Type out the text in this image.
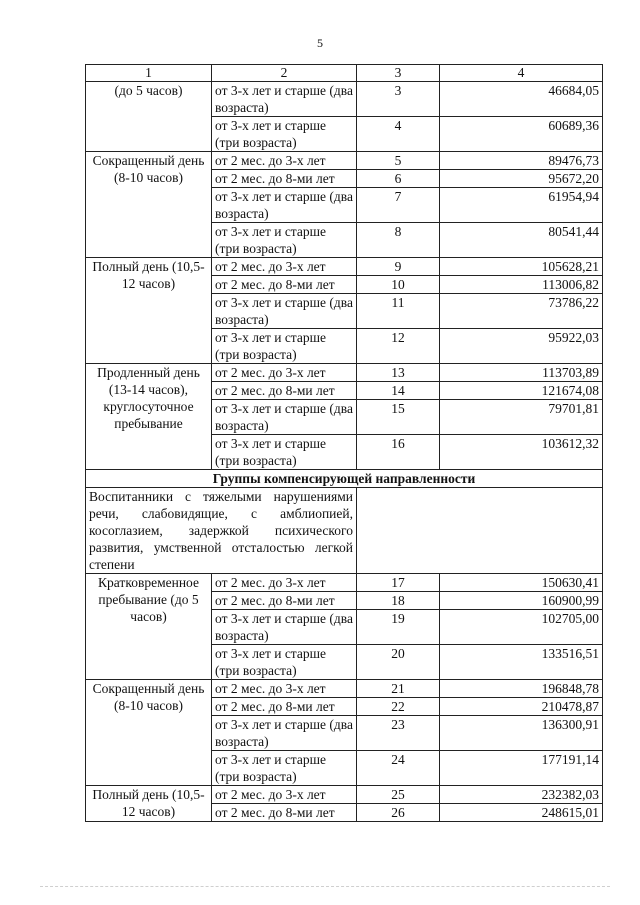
5
1	2	3	4
(до 5 часов)	от 3-х лет и старше (два возраста)	3	46684,05
	от 3-х лет и старше (три возраста)	4	60689,36
Сокращенный день (8-10 часов)	от 2 мес. до 3-х лет	5	89476,73
	от 2 мес. до 8-ми лет	6	95672,20
	от 3-х лет и старше (два возраста)	7	61954,94
	от 3-х лет и старше (три возраста)	8	80541,44
Полный день (10,5-12 часов)	от 2 мес. до 3-х лет	9	105628,21
	от 2 мес. до 8-ми лет	10	113006,82
	от 3-х лет и старше (два возраста)	11	73786,22
	от 3-х лет и старше (три возраста)	12	95922,03
Продленный день (13-14 часов), круглосуточное пребывание	от 2 мес. до 3-х лет	13	113703,89
	от 2 мес. до 8-ми лет	14	121674,08
	от 3-х лет и старше (два возраста)	15	79701,81
	от 3-х лет и старше (три возраста)	16	103612,32
Группы компенсирующей направленности			
Воспитанники с тяжелыми нарушениями речи, слабовидящие, с амблиопией, косоглазием, задержкой психического развития, умственной отсталостью легкой степени			
Кратковременное пребывание (до 5 часов)	от 2 мес. до 3-х лет	17	150630,41
	от 2 мес. до 8-ми лет	18	160900,99
	от 3-х лет и старше (два возраста)	19	102705,00
	от 3-х лет и старше (три возраста)	20	133516,51
Сокращенный день (8-10 часов)	от 2 мес. до 3-х лет	21	196848,78
	от 2 мес. до 8-ми лет	22	210478,87
	от 3-х лет и старше (два возраста)	23	136300,91
	от 3-х лет и старше (три возраста)	24	177191,14
Полный день (10,5-12 часов)	от 2 мес. до 3-х лет	25	232382,03
	от 2 мес. до 8-ми лет	26	248615,01
